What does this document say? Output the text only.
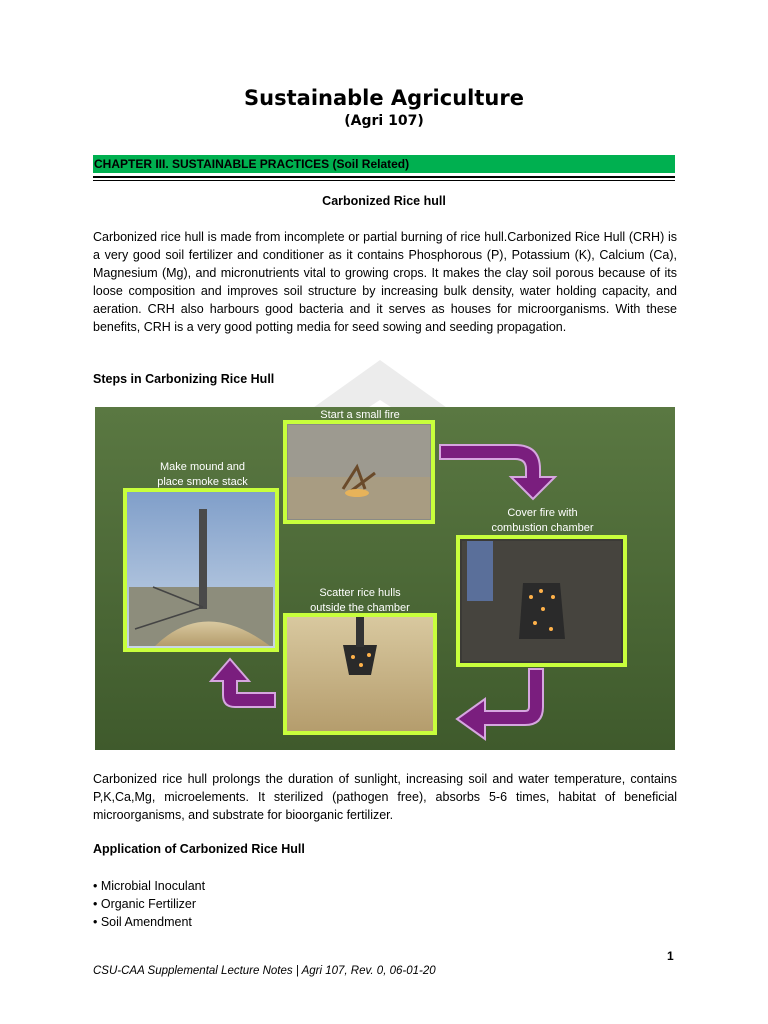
Sustainable Agriculture
(Agri 107)
CHAPTER III. SUSTAINABLE PRACTICES (Soil Related)
Carbonized Rice hull

Carbonized rice hull is made from incomplete or partial burning of rice hull.Carbonized Rice Hull (CRH) is a very good soil fertilizer and conditioner as it contains Phosphorous (P), Potassium (K), Calcium (Ca), Magnesium (Mg), and micronutrients vital to growing crops. It makes the clay soil porous because of its loose composition and improves soil structure by increasing bulk density, water holding capacity, and aeration. CRH also harbours good bacteria and it serves as houses for microorganisms. With these benefits, CRH is a very good potting media for seed sowing and seeding propagation.

Steps in Carbonizing Rice Hull

Start a small fire
Make mound and
place smoke stack
Cover fire with
combustion chamber
Scatter rice hulls
outside the chamber

Carbonized rice hull prolongs the duration of sunlight, increasing soil and water temperature, contains P,K,Ca,Mg, microelements. It sterilized (pathogen free), absorbs 5-6 times, habitat of beneficial microorganisms, and substrate for bioorganic fertilizer.

Application of Carbonized Rice Hull

• Microbial Inoculant
• Organic Fertilizer
• Soil Amendment
1
CSU-CAA Supplemental Lecture Notes | Agri 107, Rev. 0, 06-01-20
